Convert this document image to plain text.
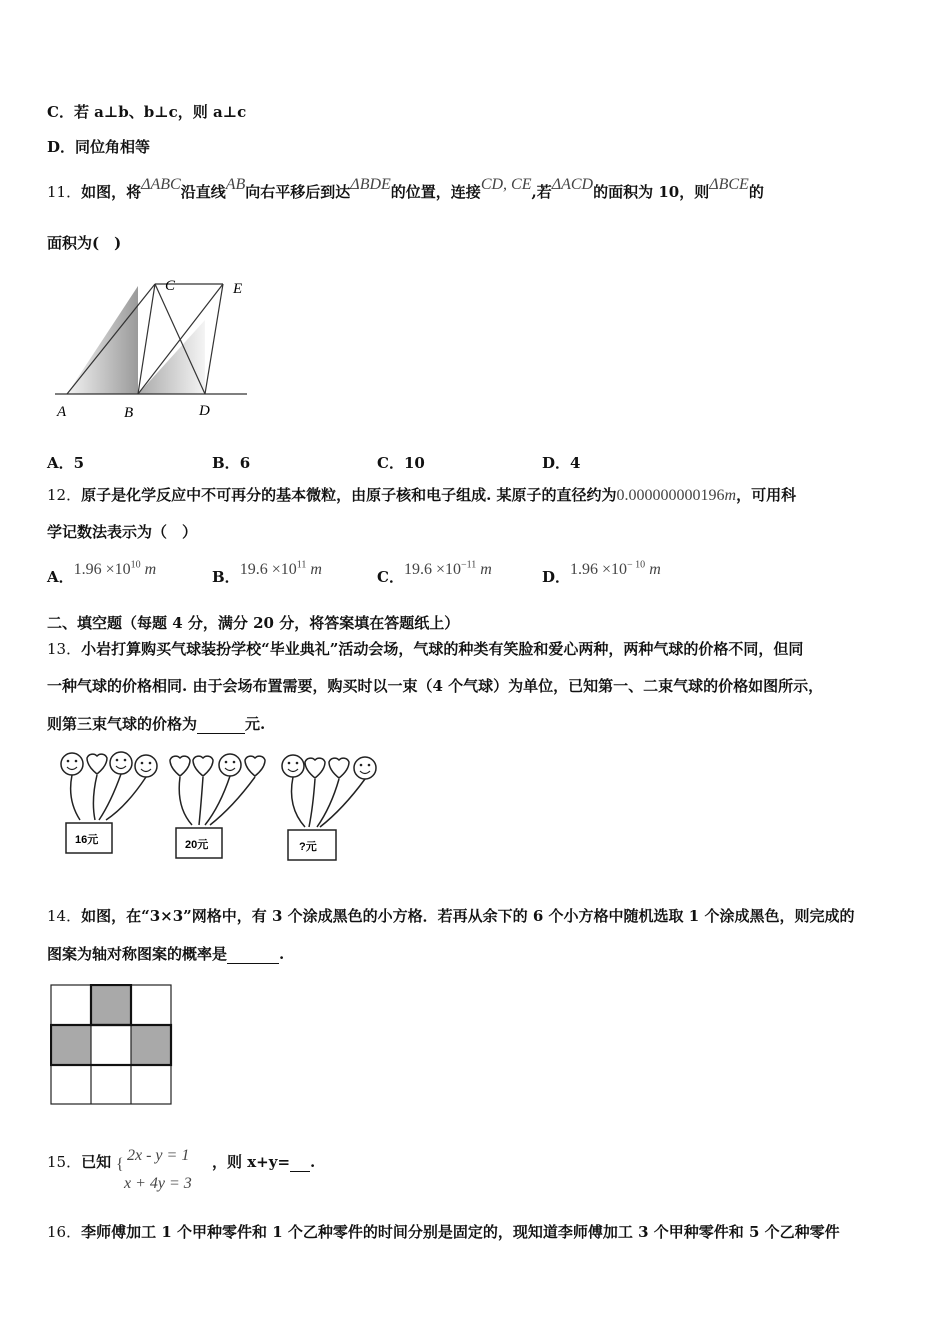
C．若 a⊥b、b⊥c，则 a⊥c
D．同位角相等
11．如图，将ΔABC沿直线AB向右平移后到达ΔBDE的位置，连接CD, CE,若ΔACD的面积为 10，则ΔBCE的
面积为(　)
C	E
A	B	D
A．5	B．6	C．10	D．4
12．原子是化学反应中不可再分的基本微粒，由原子核和电子组成. 某原子的直径约为0.000000000196m，可用科
学记数法表示为（　）
A．$1.96 \times 10^{10}$ m	B．$19.6 \times 10^{11}$ m	C．$19.6 \times 10^{-11}$ m	D．$1.96 \times 10^{- 10}$ m
二、填空题（每题 4 分，满分 20 分，将答案填在答题纸上）
13．小岩打算购买气球装扮学校“毕业典礼”活动会场，气球的种类有笑脸和爱心两种，两种气球的价格不同，但同
一种气球的价格相同. 由于会场布置需要，购买时以一束（4 个气球）为单位，已知第一、二束气球的价格如图所示，
则第三束气球的价格为	元.
16元	20元	?元
14．如图，在“3×3”网格中，有 3 个涂成黑色的小方格．若再从余下的 6 个小方格中随机选取 1 个涂成黑色，则完成的
图案为轴对称图案的概率是	.
15．已知 {
2x - y = 1
x + 4y = 3
，则 x+y= .
16．李师傅加工 1 个甲种零件和 1 个乙种零件的时间分别是固定的，现知道李师傅加工 3 个甲种零件和 5 个乙种零件
